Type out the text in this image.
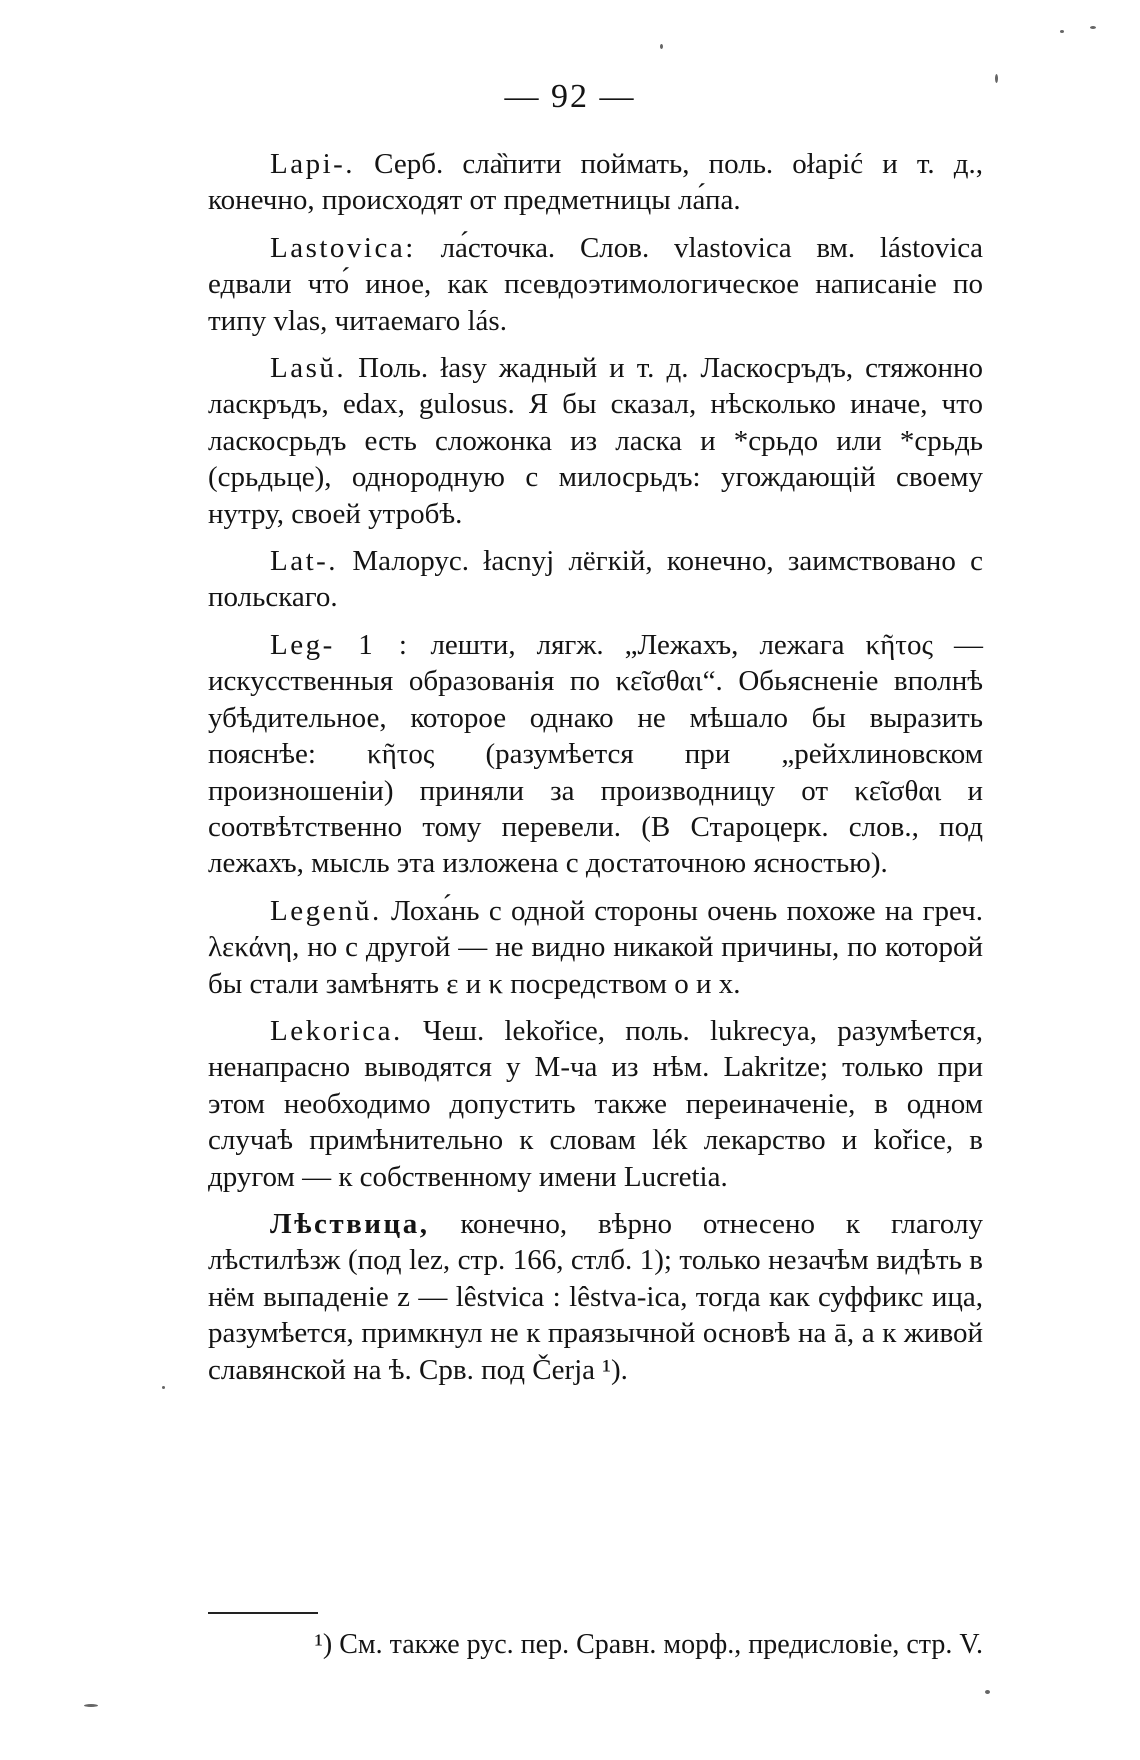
— 92 —

Lapi-. Серб. сла̏пити поймать, поль. ołapić и т. д., конечно, происходят от предметницы ла́па.

Lastovica: ла́сточка. Слов. vlastovica вм. lástovica едвали что́ иное, как псевдоэтимологическое написаніе по типу vlas, читаемаго lás.

Lasŭ. Поль. łasy жадный и т. д. Ласкосръдъ, стяжонно ласкръдъ, edax, gulosus. Я бы сказал, нѣсколько иначе, что ласкосрьдъ есть сложонка из ласка и *срьдо или *срьдь (срьдьце), однородную с милосрьдъ: угождающій своему нутру, своей утробѣ.

Lat-. Малорус. łacnyj лёгкій, конечно, заимствовано с польскаго.

Leg- 1 : лешти, лягж. „Лежахъ, лежага κῆτος — искусственныя образованія по κεῖσθαι“. Обьясненіе вполнѣ убѣдительное, которое однако не мѣшало бы выразить пояснѣе: κῆτος (разумѣется при „рейхлиновском произношеніи) приняли за производницу от κεῖσθαι и соотвѣтственно тому перевели. (В Староцерк. слов., под лежахъ, мысль эта изложена с достаточною ясностью).

Legenŭ. Лоха́нь с одной стороны очень похоже на греч. λεκάνη, но с другой — не видно никакой причины, по которой бы стали замѣнять ε и κ посредством о и х.

Lekorica. Чеш. lekořice, поль. lukrecya, разумѣется, ненапрасно выводятся у М-ча из нѣм. Lakritze; только при этом необходимо допустить также переиначеніе, в одном случаѣ примѣнительно к словам lék лекарство и kořice, в другом — к собственному имени Lucretia.

Лѣствица, конечно, вѣрно отнесено к глаголу лѣстилѣзж (под lez, стр. 166, стлб. 1); только незачѣм видѣть в нём выпаденіе z — lêstvica : lêstva-ica, тогда как суффикс ица, разумѣется, примкнул не к праязычной основѣ на ā, а к живой славянской на ѣ. Срв. под Čerja ¹).

¹) См. также рус. пер. Сравн. морф., предисловіе, стр. V.
